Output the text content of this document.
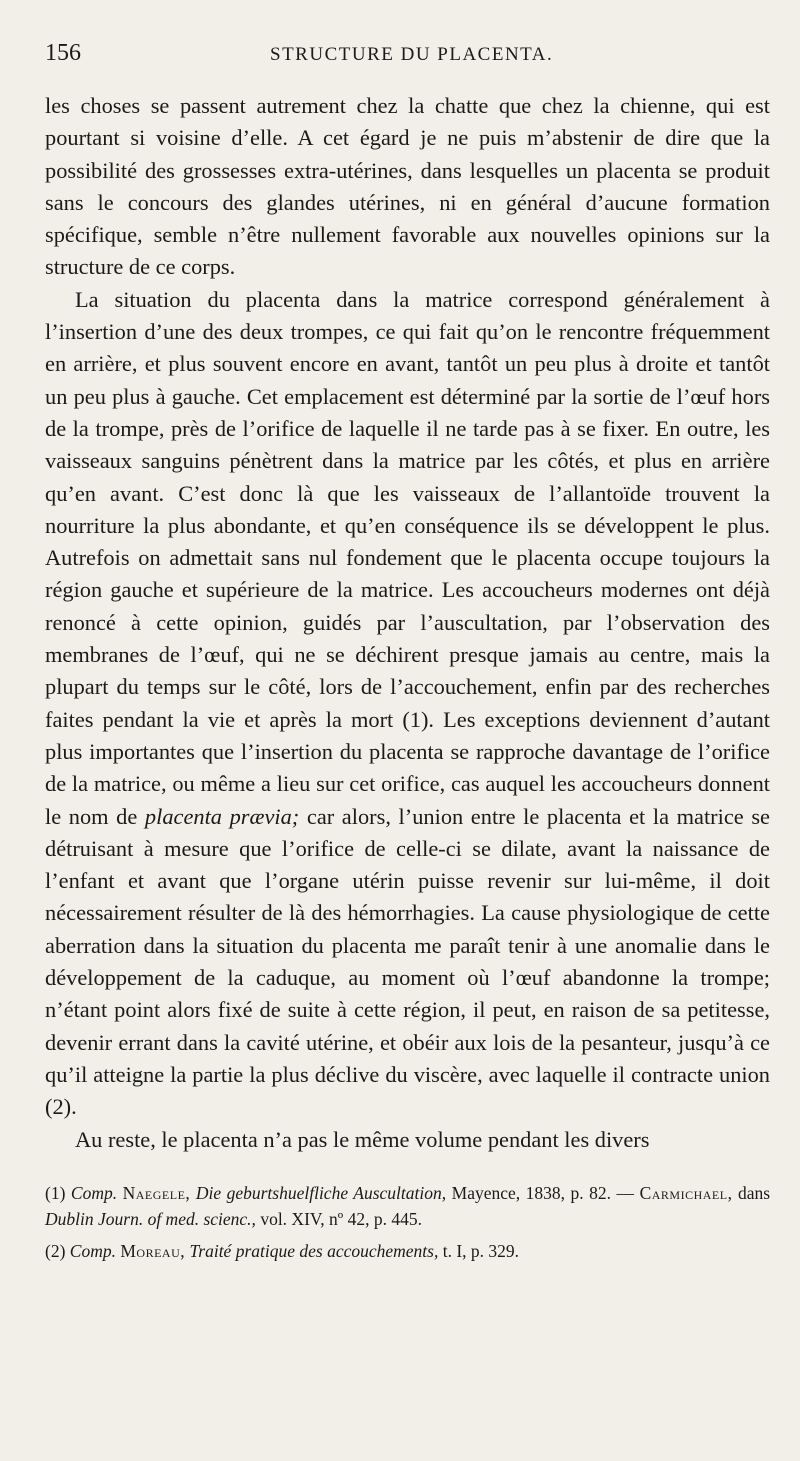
156	STRUCTURE DU PLACENTA.

les choses se passent autrement chez la chatte que chez la chienne, qui est pourtant si voisine d’elle. A cet égard je ne puis m’abstenir de dire que la possibilité des grossesses extra-utérines, dans lesquelles un placenta se produit sans le concours des glandes utérines, ni en général d’aucune formation spécifique, semble n’être nullement favorable aux nouvelles opinions sur la structure de ce corps.

La situation du placenta dans la matrice correspond généralement à l’insertion d’une des deux trompes, ce qui fait qu’on le rencontre fréquemment en arrière, et plus souvent encore en avant, tantôt un peu plus à droite et tantôt un peu plus à gauche. Cet emplacement est déterminé par la sortie de l’œuf hors de la trompe, près de l’orifice de laquelle il ne tarde pas à se fixer. En outre, les vaisseaux sanguins pénètrent dans la matrice par les côtés, et plus en arrière qu’en avant. C’est donc là que les vaisseaux de l’allantoïde trouvent la nourriture la plus abondante, et qu’en conséquence ils se développent le plus. Autrefois on admettait sans nul fondement que le placenta occupe toujours la région gauche et supérieure de la matrice. Les accoucheurs modernes ont déjà renoncé à cette opinion, guidés par l’auscultation, par l’observation des membranes de l’œuf, qui ne se déchirent presque jamais au centre, mais la plupart du temps sur le côté, lors de l’accouchement, enfin par des recherches faites pendant la vie et après la mort (1). Les exceptions deviennent d’autant plus importantes que l’insertion du placenta se rapproche davantage de l’orifice de la matrice, ou même a lieu sur cet orifice, cas auquel les accoucheurs donnent le nom de placenta prævia; car alors, l’union entre le placenta et la matrice se détruisant à mesure que l’orifice de celle-ci se dilate, avant la naissance de l’enfant et avant que l’organe utérin puisse revenir sur lui-même, il doit nécessairement résulter de là des hémorrhagies. La cause physiologique de cette aberration dans la situation du placenta me paraît tenir à une anomalie dans le développement de la caduque, au moment où l’œuf abandonne la trompe; n’étant point alors fixé de suite à cette région, il peut, en raison de sa petitesse, devenir errant dans la cavité utérine, et obéir aux lois de la pesanteur, jusqu’à ce qu’il atteigne la partie la plus déclive du viscère, avec laquelle il contracte union (2).

Au reste, le placenta n’a pas le même volume pendant les divers

(1) Comp. Naegele, Die geburtshuelfliche Auscultation, Mayence, 1838, p. 82. — Carmichael, dans Dublin Journ. of med. scienc., vol. XIV, nº 42, p. 445.

(2) Comp. Moreau, Traité pratique des accouchements, t. I, p. 329.
